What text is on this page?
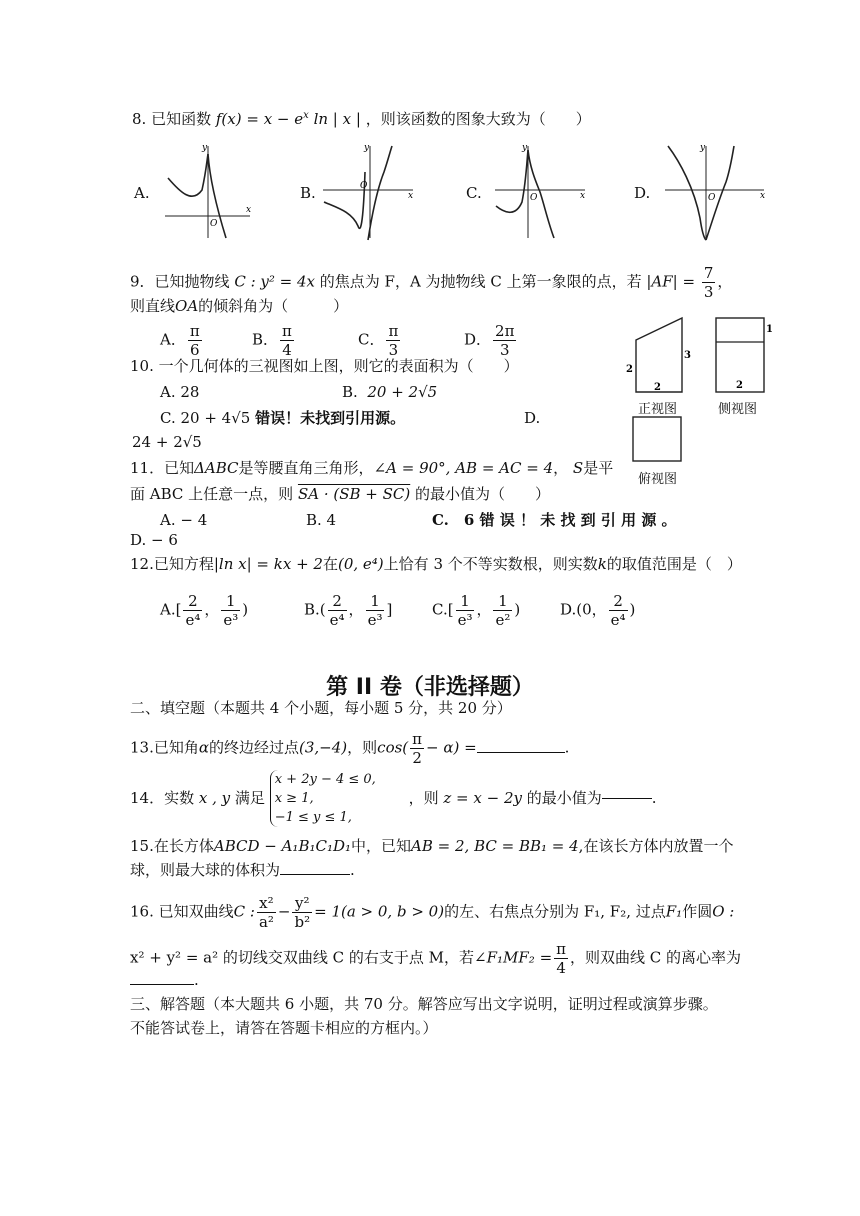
8. 已知函数 $f(x) = x - e^x$ ln | x | ，则该函数的图象大致为（　　）
A.
y
x
O
B.
y
x
O	C.
y
x
O	D.
y
x
O
9．已知抛物线 C : y² = 4x 的焦点为 F，A 为抛物线 C 上第一象限的点，若 $|AF| = \frac{7}{3}$ ，
则直线OA的倾斜角为（　　　）
A． $\frac{\pi}{6}$	B． $\frac{\pi}{4}$	C． $\frac{\pi}{3}$	D． $\frac{2\pi}{3}$
2
2
3
正视图
1
2
侧视图
俯视图
10. 一个几何体的三视图如上图，则它的表面积为（　　）
A. 28	B. 20 + 2√5
C. 20 + 4√5 错误！未找到引用源。	D.
24 + 2√5
11．已知ΔABC是等腰直角三角形，∠A = 90°, AB = AC = 4， S是平
面 ABC 上任意一点，则 SA · (SB + SC) 的最小值为（　　）
A. − 4	B. 4	C.　6 错 误 ！ 未 找 到 引 用 源 。
D. − 6
12.已知方程|ln x| = kx + 2在(0, e⁴)上恰有 3 个不等实数根，则实数k的取值范围是（　）
$A.[ \frac{2}{\text{e⁴}}$ ， $\frac{1}{\text{e³}}$ )	$B.( \frac{2}{\text{e⁴}}$ ， $\frac{1}{\text{e³}}$ ]	$C.[ \frac{1}{\text{e³}}$ ， $\frac{1}{\text{e²}}$ )	D.(0， $\frac{2}{\text{e⁴}}$ )
第 II 卷（非选择题）
二、填空题（本题共 4 个小题，每小题 5 分，共 20 分）
13.已知角α的终边经过点(3,−4)，则$\cos( \frac{\pi}{2} - \alpha)$ =	.
14．实数 x , y 满足 x + 2y − 4 ≤ 0,
x ≥ 1,
−1 ≤ y ≤ 1, ，则 z = x − 2y 的最小值为	.
15.在长方体ABCD − A₁B₁C₁D₁中，已知AB = 2, BC = BB₁ = 4,在该长方体内放置一个
球，则最大球的体积为	.
16. 已知双曲线C : $\frac{\text{x²}}{\text{a²}} - \frac{\text{y²}}{\text{b²}} = 1(a > 0$, b > 0)的左、右焦点分别为 F₁, F₂, 过点F₁作圆O :
x² + y² = a² 的切线交双曲线 C 的右支于点 M，若∠F₁MF₂ = $\frac{\pi}{4}$ ，则双曲线 C 的离心率为
.
三、解答题（本大题共 6 小题，共 70 分。解答应写出文字说明，证明过程或演算步骤。
不能答试卷上，请答在答题卡相应的方框内。）
